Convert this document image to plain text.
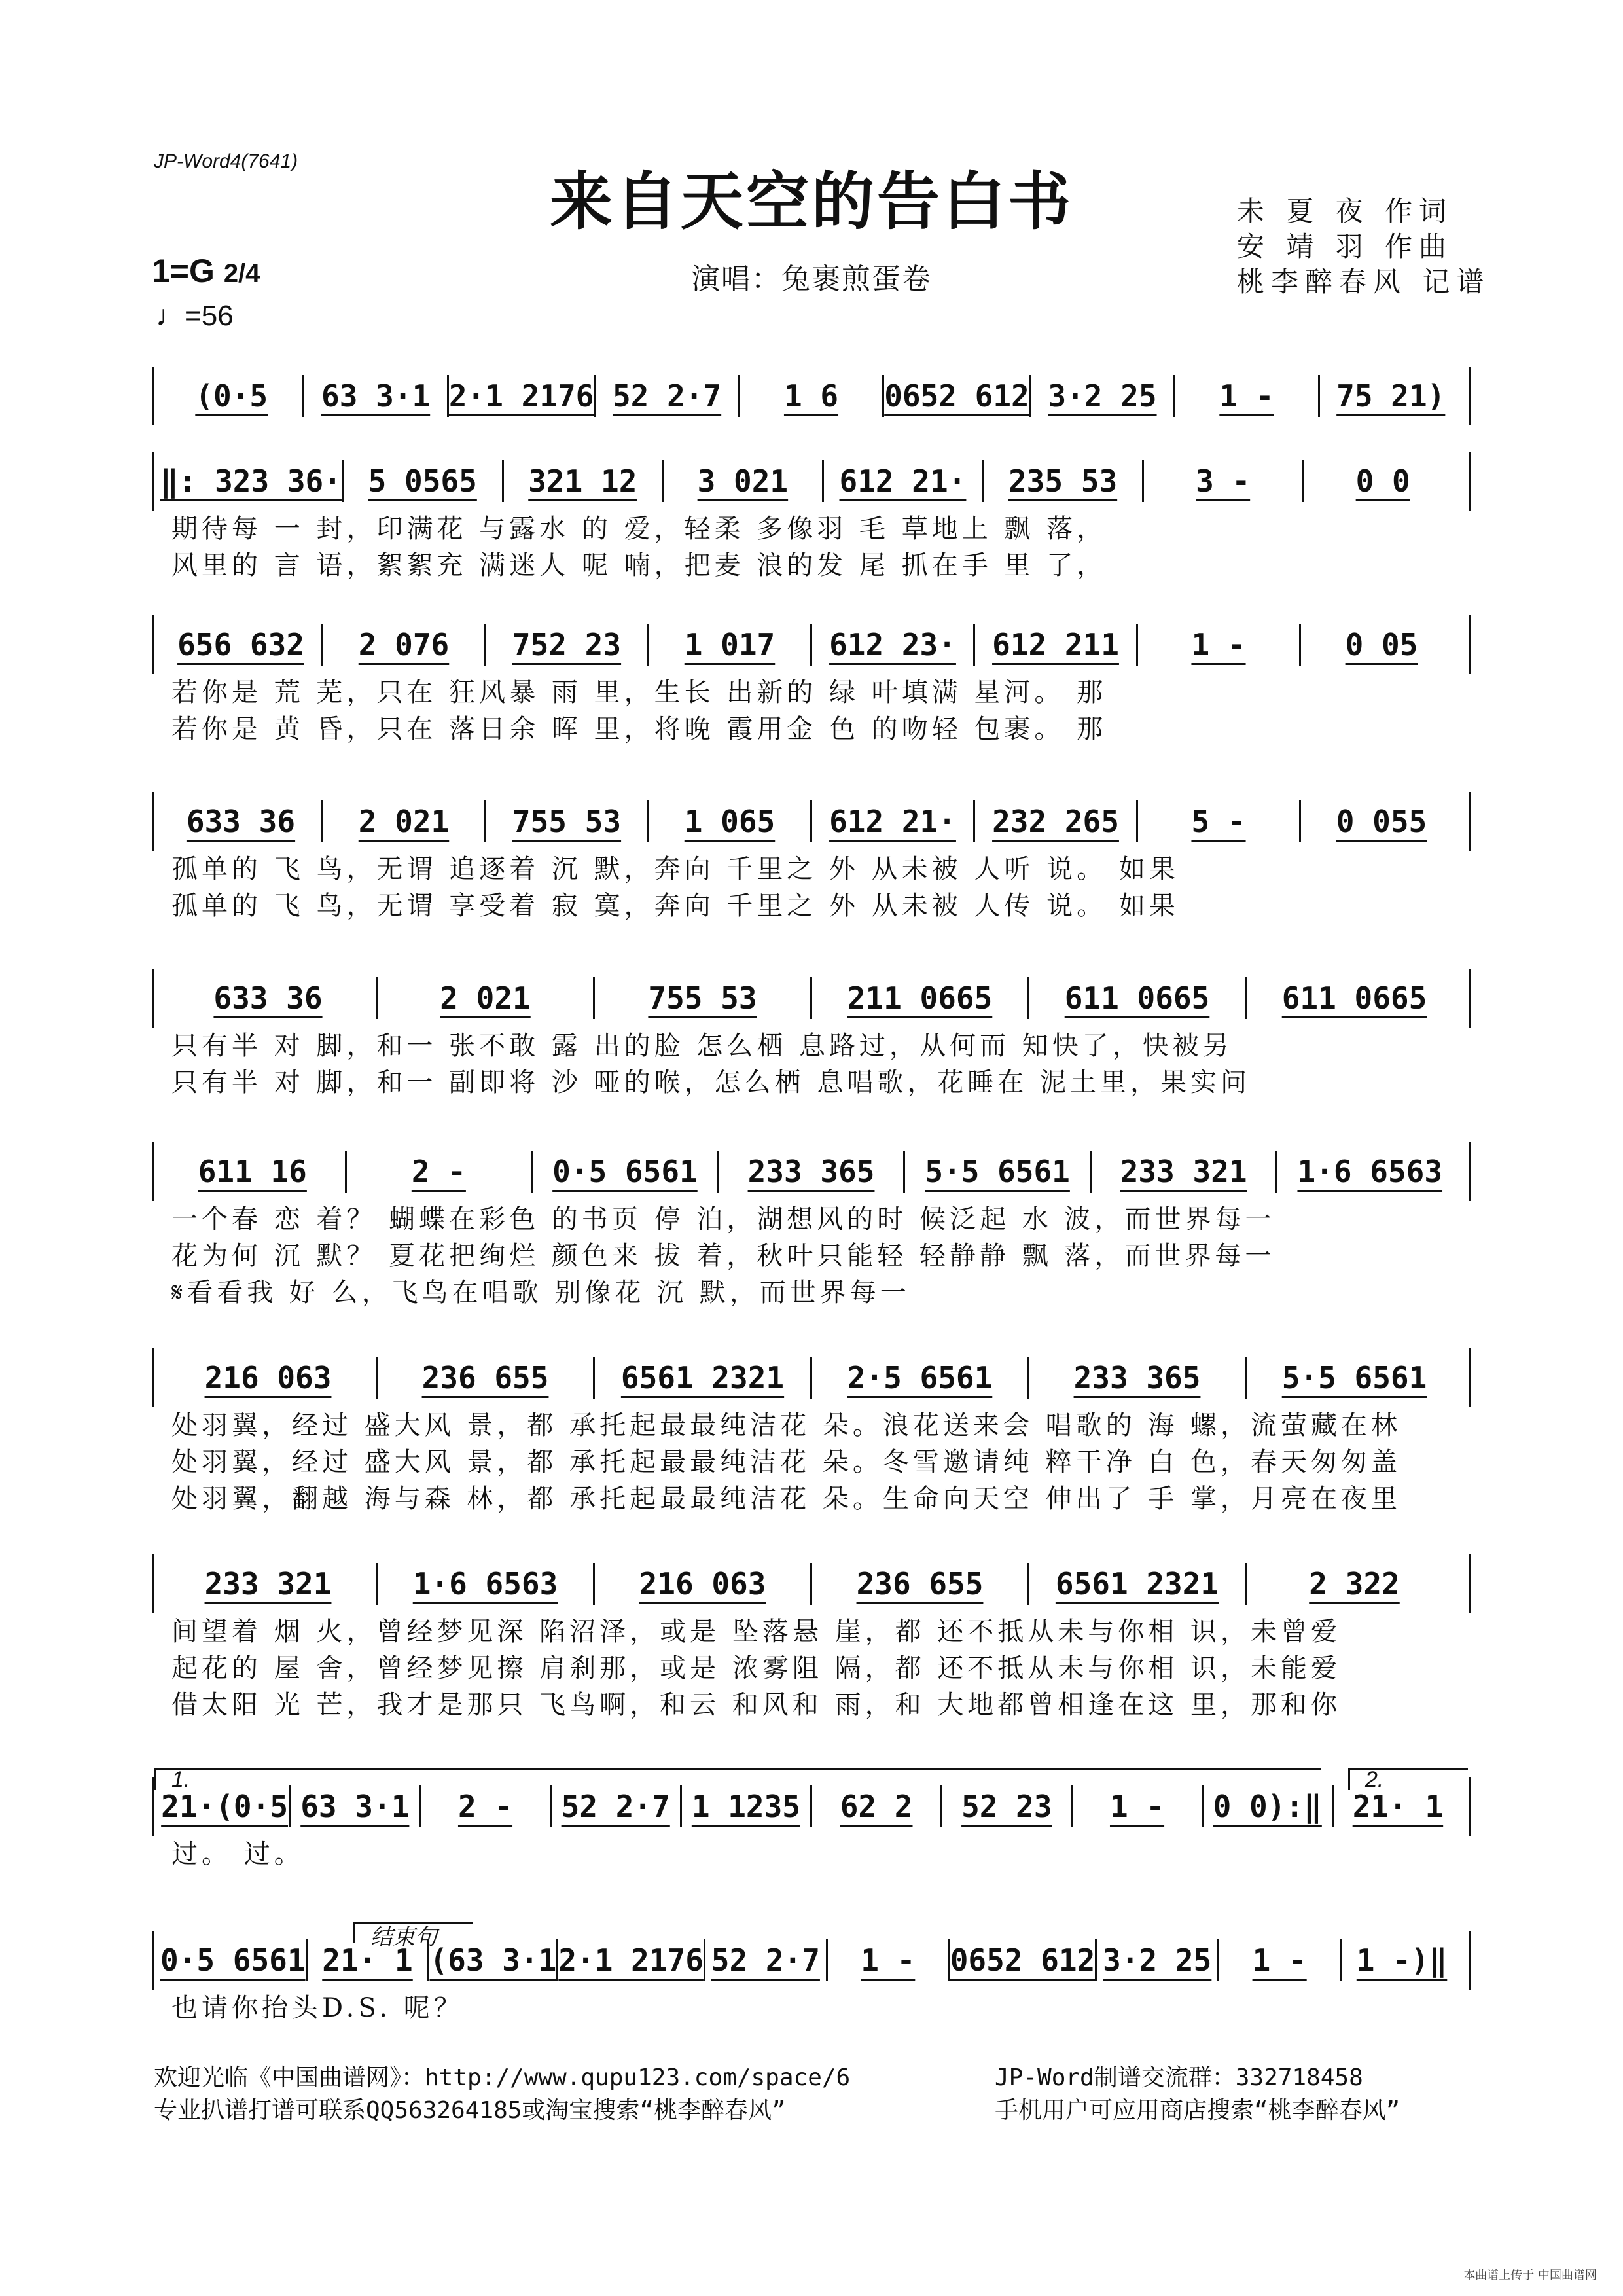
JP-Word4(7641)
来自天空的告白书	未 夏 夜 作词
安 靖 羽 作曲
桃李醉春风 记谱
演唱：兔裹煎蛋卷
1=G 2/4
♩=56
(0·5	63 3·1 2·1 2176 52 2·7	1 6	0652 612 3·2 25	1 -	75 21)
‖: 323 36· 5 0565	321 12	3 021	612 21·	235 53	3 -	0 0
期待每 一 封，印满花 与露水 的 爱，轻柔 多像羽 毛 草地上 飘 落，
风里的 言 语，絮絮充 满迷人 呢 喃，把麦 浪的发 尾 抓在手 里 了，
656 632	2 076	752 23	1 017	612 23·	612 211	1 -	0 05
若你是 荒 芜，只在 狂风暴 雨 里，生长 出新的 绿 叶填满 星河。 那
若你是 黄 昏，只在 落日余 晖 里，将晚 霞用金 色 的吻轻 包裹。 那
633 36	2 021	755 53	1 065	612 21·	232 265	5 -	0 055
孤单的 飞 鸟，无谓 追逐着 沉 默，奔向 千里之 外 从未被 人听 说。 如果
孤单的 飞 鸟，无谓 享受着 寂 寞，奔向 千里之 外 从未被 人传 说。 如果
633 36	2 021	755 53	211 0665	611 0665	611 0665
只有半 对 脚，和一 张不敢 露 出的脸 怎么栖 息路过，从何而 知快了，快被另
只有半 对 脚，和一 副即将 沙 哑的喉，怎么栖 息唱歌，花睡在 泥土里，果实问
611 16	2 -	0·5 6561	233 365	5·5 6561	233 321	1·6 6563
一个春 恋 着？ 蝴蝶在彩色 的书页 停 泊，湖想风的时 候泛起 水 波，而世界每一
花为何 沉 默？ 夏花把绚烂 颜色来 拔 着，秋叶只能轻 轻静静 飘 落，而世界每一
𝄋看看我 好 么，飞鸟在唱歌 别像花 沉 默，而世界每一
216 063	236 655	6561 2321	2·5 6561	233 365	5·5 6561
处羽翼，经过 盛大风 景，都 承托起最最纯洁花 朵。浪花送来会 唱歌的 海 螺，流萤藏在林
处羽翼，经过 盛大风 景，都 承托起最最纯洁花 朵。冬雪邀请纯 粹干净 白 色，春天匆匆盖
处羽翼，翻越 海与森 林，都 承托起最最纯洁花 朵。生命向天空 伸出了 手 掌，月亮在夜里
233 321	1·6 6563	216 063	236 655	6561 2321	2 322
间望着 烟 火，曾经梦见深 陷沼泽，或是 坠落悬 崖，都 还不抵从未与你相 识，未曾爱
起花的 屋 舍，曾经梦见擦 肩刹那，或是 浓雾阻 隔，都 还不抵从未与你相 识，未能爱
借太阳 光 芒，我才是那只 飞鸟啊，和云 和风和 雨，和 大地都曾相逢在这 里，那和你
21·(0·5 63 3·1	2 -	52 2·7 1 1235	62 2	52 23	1 -	0 0):‖	21· 1
过。 过。
0·5 6561 21· 1 (63 3·1 2·1 2176 52 2·7	1 -	0652 612 3·2 25	1 -	1 -)‖
也请你抬头D.S. 呢？
1.	2.
结束句
欢迎光临《中国曲谱网》：http://www.qupu123.com/space/6
专业扒谱打谱可联系QQ563264185或淘宝搜索“桃李醉春风”
JP-Word制谱交流群：332718458
手机用户可应用商店搜索“桃李醉春风”
本曲谱上传于 中国曲谱网
